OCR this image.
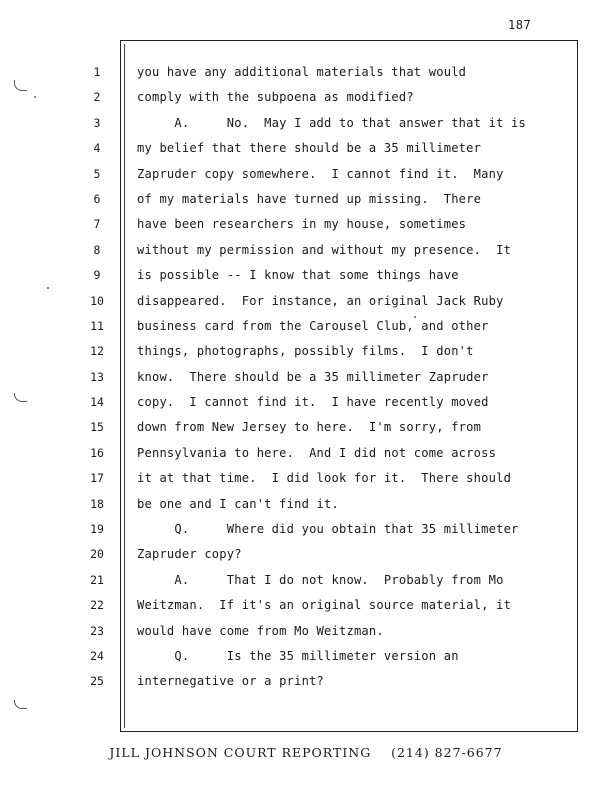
187
1
2
3
4
5
6
7
8
9
10
11
12
13
14
15
16
17
18
19
20
21
22
23
24
25
you have any additional materials that would
comply with the subpoena as modified?
A.     No.  May I add to that answer that it is
my belief that there should be a 35 millimeter
Zapruder copy somewhere.  I cannot find it.  Many
of my materials have turned up missing.  There
have been researchers in my house, sometimes
without my permission and without my presence.  It
is possible -- I know that some things have
disappeared.  For instance, an original Jack Ruby
business card from the Carousel Club, and other
things, photographs, possibly films.  I don't
know.  There should be a 35 millimeter Zapruder
copy.  I cannot find it.  I have recently moved
down from New Jersey to here.  I'm sorry, from
Pennsylvania to here.  And I did not come across
it at that time.  I did look for it.  There should
be one and I can't find it.
Q.     Where did you obtain that 35 millimeter
Zapruder copy?
A.     That I do not know.  Probably from Mo
Weitzman.  If it's an original source material, it
would have come from Mo Weitzman.
Q.     Is the 35 millimeter version an
internegative or a print?
JILL JOHNSON COURT REPORTING    (214) 827-6677
